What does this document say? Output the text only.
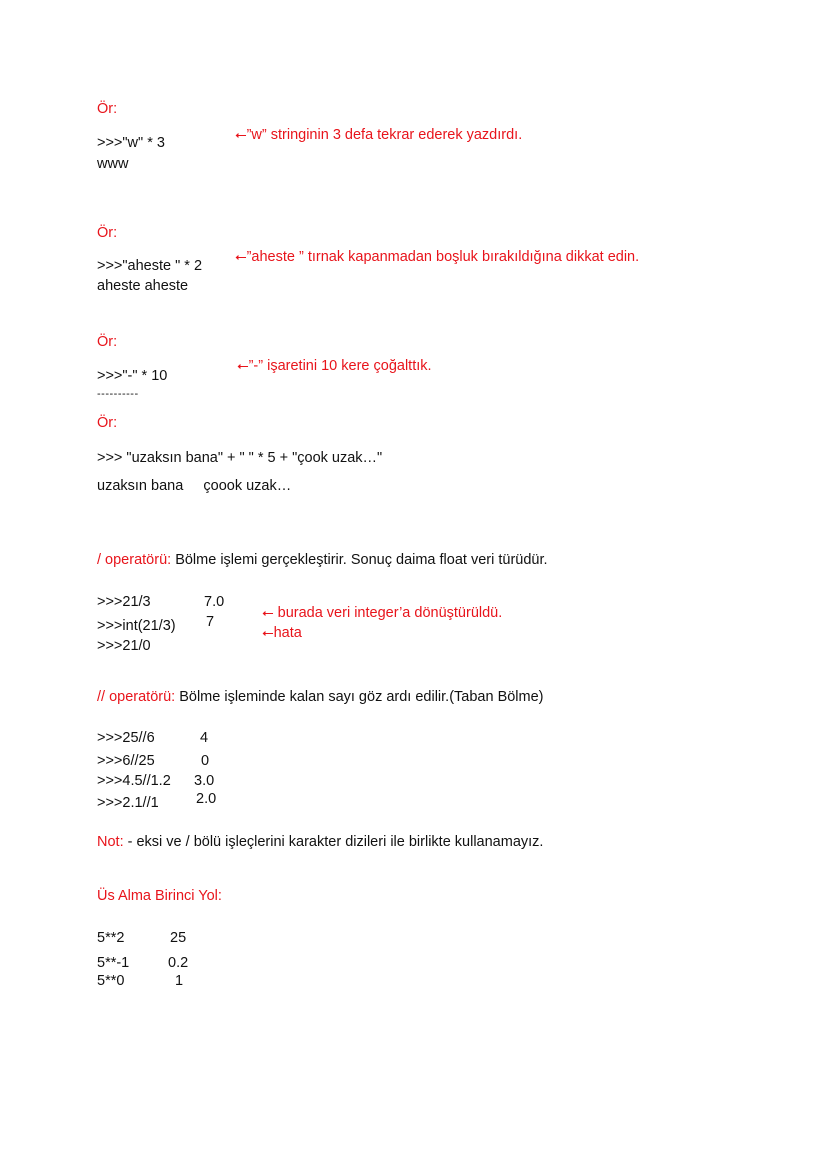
Ör:
>>>"w" * 3	⭠”w” stringinin 3 defa tekrar ederek yazdırdı.
www
Ör:
>>>"aheste " * 2
⭠”aheste ” tırnak kapanmadan boşluk bırakıldığına dikkat edin.
aheste aheste
Ör:
>>>"-" * 10
⭠”-” işaretini 10 kere çoğalttık.
----------
Ör:
>>> "uzaksın bana" + " " * 5 + "çook uzak…"
uzaksın bana     çoook uzak…
/ operatörü: Bölme işlemi gerçekleştirir. Sonuç daima float veri türüdür.
>>>21/3	7.0
>>>int(21/3) 7
>>>21/0
⭠ burada veri integer’a dönüştürüldü.
⭠hata
// operatörü: Bölme işleminde kalan sayı göz ardı edilir.(Taban Bölme)
>>>25//6	4
>>>6//25	0
>>>4.5//1.2 3.0
>>>2.1//1	2.0
Not: - eksi ve / bölü işleçlerini karakter dizileri ile birlikte kullanamayız.
Üs Alma Birinci Yol:
5**2	25
5**-1	0.2
5**0	1
